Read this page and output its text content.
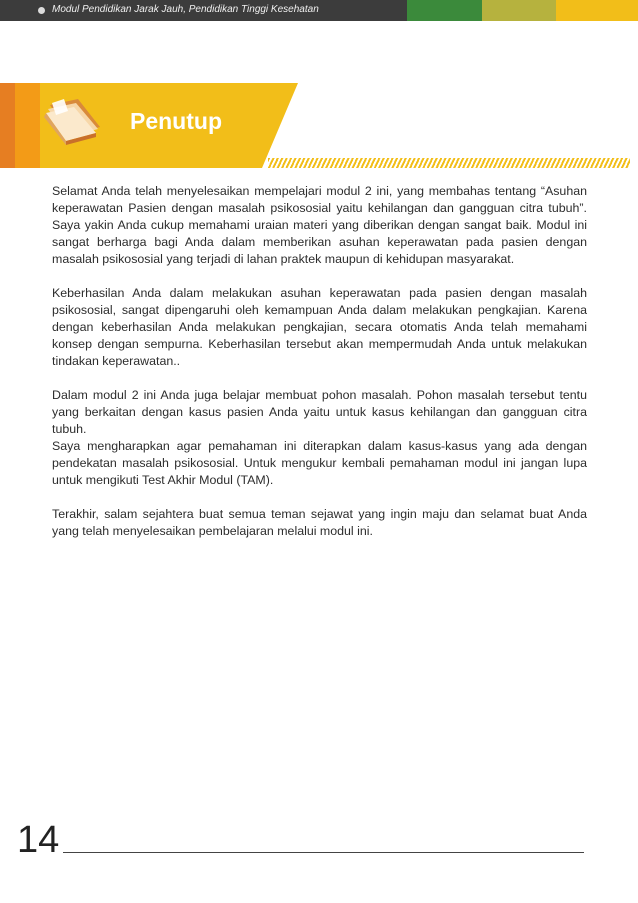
Modul Pendidikan Jarak Jauh, Pendidikan Tinggi Kesehatan
Penutup

Selamat Anda telah menyelesaikan mempelajari modul 2 ini, yang membahas tentang “Asuhan keperawatan Pasien dengan masalah psikososial yaitu kehilangan dan gangguan citra tubuh”. Saya yakin Anda cukup memahami uraian materi yang diberikan dengan sangat baik. Modul ini sangat berharga bagi Anda dalam memberikan asuhan keperawatan pada pasien dengan masalah psikososial yang terjadi di lahan praktek maupun di kehidupan masyarakat.

Keberhasilan Anda dalam melakukan asuhan keperawatan pada pasien dengan masalah psikososial, sangat dipengaruhi oleh kemampuan Anda dalam melakukan pengkajian. Karena dengan keberhasilan Anda melakukan pengkajian, secara otomatis Anda telah memahami konsep dengan sempurna. Keberhasilan tersebut akan mempermudah Anda untuk melakukan tindakan keperawatan..

Dalam modul 2 ini Anda juga belajar membuat pohon masalah. Pohon masalah tersebut tentu yang berkaitan dengan kasus pasien Anda yaitu untuk kasus kehilangan dan gangguan citra tubuh.

Saya mengharapkan agar pemahaman ini diterapkan dalam kasus-kasus yang ada dengan pendekatan masalah psikososial. Untuk mengukur kembali pemahaman modul ini jangan lupa untuk mengikuti Test Akhir Modul (TAM).

Terakhir, salam sejahtera buat semua teman sejawat yang ingin maju dan selamat buat Anda yang telah menyelesaikan pembelajaran melalui modul ini.

14
